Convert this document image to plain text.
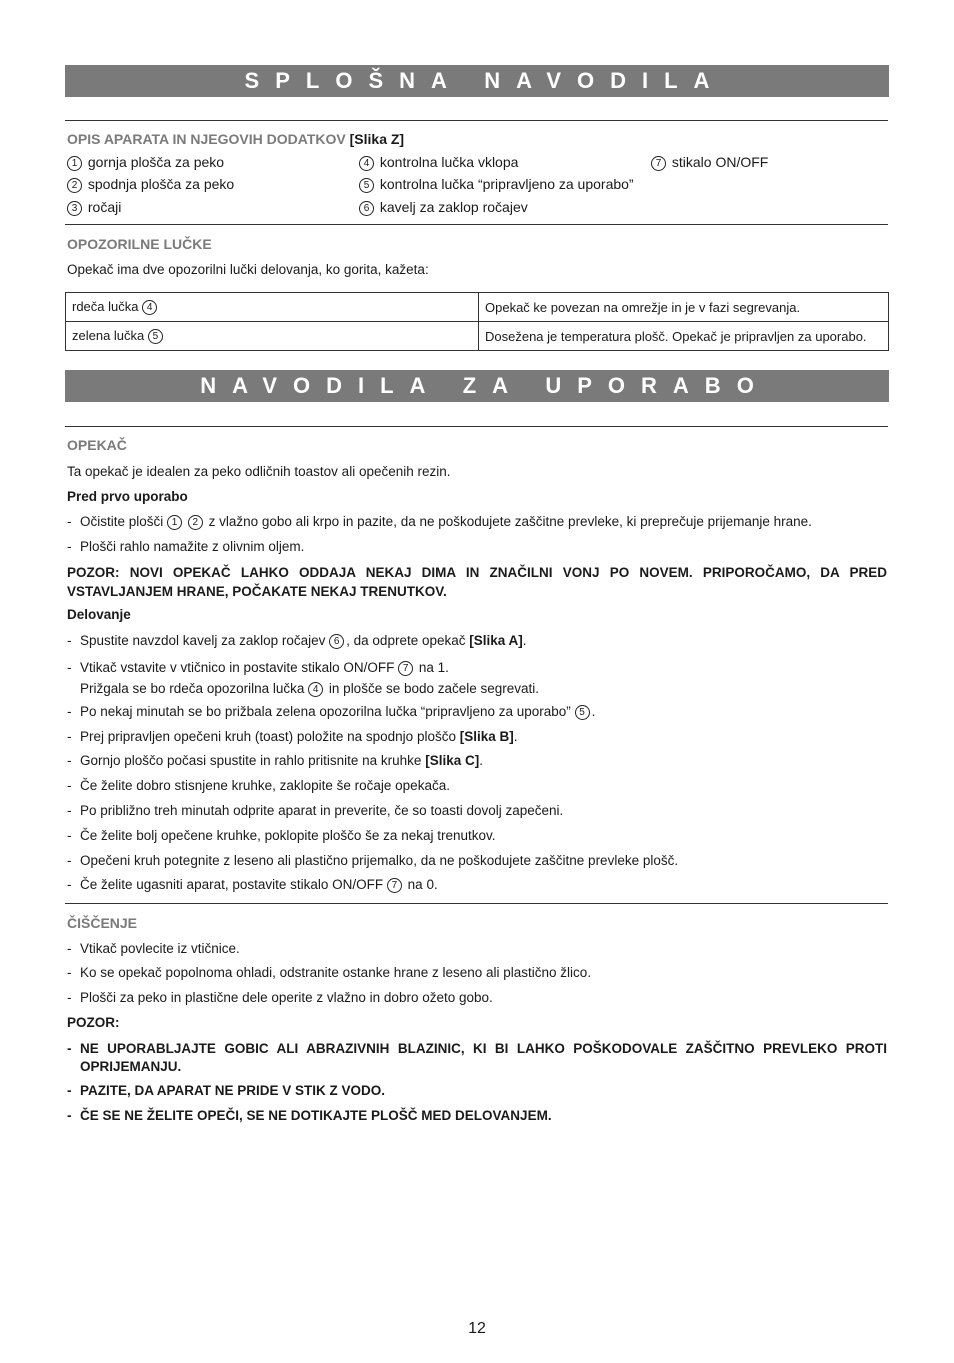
SPLOŠNA NAVODILA
OPIS APARATA IN NJEGOVIH DODATKOV [Slika Z]
1 gornja plošča za peko
2 spodnja plošča za peko
3 ročaji
4 kontrolna lučka vklopa
5 kontrolna lučka “pripravljeno za uporabo”
6 kavelj za zaklop ročajev
7 stikalo ON/OFF
OPOZORILNE LUČKE
Opekač ima dve opozorilni lučki delovanja, ko gorita, kažeta:
rdeča lučka 4	Opekač ke povezan na omrežje in je v fazi segrevanja.
zelena lučka 5	Dosežena je temperatura plošč. Opekač je pripravljen za uporabo.
NAVODILA ZA UPORABO
OPEKAČ
Ta opekač je idealen za peko odličnih toastov ali opečenih rezin.
Pred prvo uporabo
- Očistite plošči 1 2 z vlažno gobo ali krpo in pazite, da ne poškodujete zaščitne prevleke, ki preprečuje prijemanje hrane.
- Plošči rahlo namažite z olivnim oljem.
POZOR: NOVI OPEKAČ LAHKO ODDAJA NEKAJ DIMA IN ZNAČILNI VONJ PO NOVEM. PRIPOROČAMO, DA PRED VSTAVLJANJEM HRANE, POČAKATE NEKAJ TRENUTKOV.
Delovanje
- Spustite navzdol kavelj za zaklop ročajev 6 , da odprete opekač [Slika A].
- Vtikač vstavite v vtičnico in postavite stikalo ON/OFF 7 na 1.
Prižgala se bo rdeča opozorilna lučka 4 in plošče se bodo začele segrevati.
- Po nekaj minutah se bo prižbala zelena opozorilna lučka “pripravljeno za uporabo” 5 .
- Prej pripravljen opečeni kruh (toast) položite na spodnjo ploščo [Slika B].
- Gornjo ploščo počasi spustite in rahlo pritisnite na kruhke [Slika C].
- Če želite dobro stisnjene kruhke, zaklopite še ročaje opekača.
- Po približno treh minutah odprite aparat in preverite, če so toasti dovolj zapečeni.
- Če želite bolj opečene kruhke, poklopite ploščo še za nekaj trenutkov.
- Opečeni kruh potegnite z lesenо ali plastično prijemalko, da ne poškodujete zaščitne prevleke plošč.
- Če želite ugasniti aparat, postavite stikalo ON/OFF 7 na 0.
ČIŠČENJE
- Vtikač povlecite iz vtičnice.
- Ko se opekač popolnoma ohladi, odstranite ostanke hrane z leseno ali plastično žlico.
- Plošči za peko in plastične dele operite z vlažno in dobro ožeto gobo.
POZOR:
- NE UPORABLJAJTE GOBIC ALI ABRAZIVNIH BLAZINIC, KI BI LAHKO POŠKODOVALE ZAŠČITNO PREVLEKO PROTI OPRIJEMANJU.
- PAZITE, DA APARAT NE PRIDE V STIK Z VODO.
- ČE SE NE ŽELITE OPEČI, SE NE DOTIKAJTE PLOŠČ MED DELOVANJEM.
12
